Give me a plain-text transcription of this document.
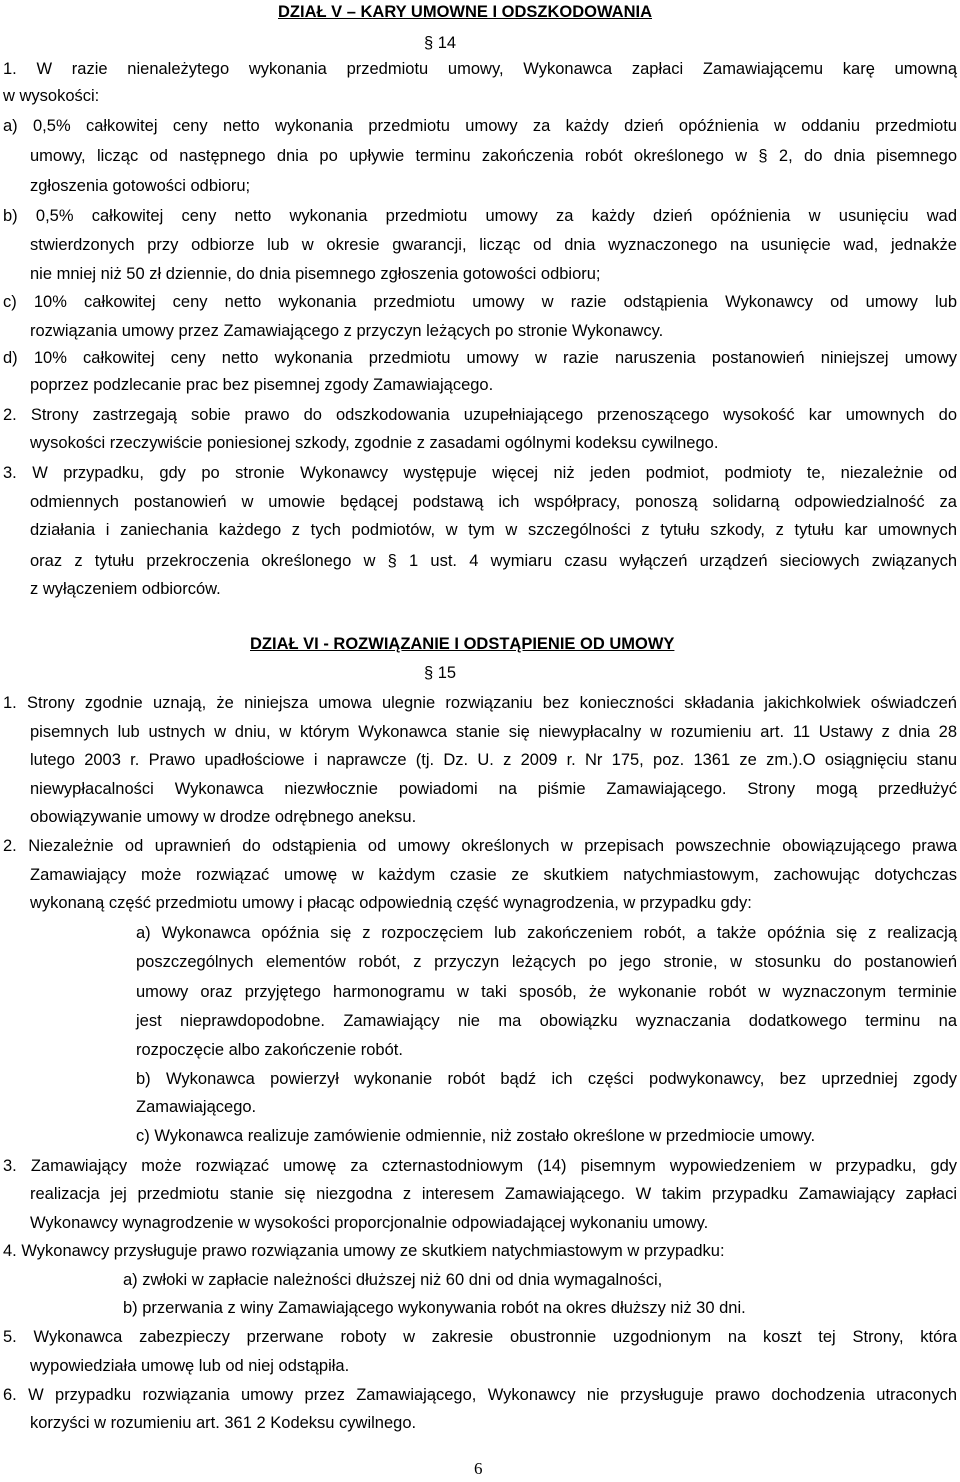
DZIAŁ V – KARY UMOWNE I ODSZKODOWANIA
§ 14
1. W razie nienależytego wykonania przedmiotu umowy, Wykonawca zapłaci Zamawiającemu karę umowną
w wysokości:
a) 0,5% całkowitej ceny netto wykonania przedmiotu umowy za każdy dzień opóźnienia w oddaniu przedmiotu
umowy, licząc od następnego dnia po upływie terminu zakończenia robót określonego w § 2, do dnia pisemnego
zgłoszenia gotowości odbioru;
b) 0,5% całkowitej ceny netto wykonania przedmiotu umowy za każdy dzień opóźnienia w usunięciu wad
stwierdzonych przy odbiorze lub w okresie gwarancji, licząc od dnia wyznaczonego na usunięcie wad, jednakże
nie mniej niż 50 zł dziennie, do dnia pisemnego zgłoszenia gotowości odbioru;
c) 10% całkowitej ceny netto wykonania przedmiotu umowy w razie odstąpienia Wykonawcy od umowy lub
rozwiązania umowy przez Zamawiającego z przyczyn leżących po stronie Wykonawcy.
d) 10% całkowitej ceny netto wykonania przedmiotu umowy w razie naruszenia postanowień niniejszej umowy
poprzez podzlecanie prac bez pisemnej zgody Zamawiającego.
2. Strony zastrzegają sobie prawo do odszkodowania uzupełniającego przenoszącego wysokość kar umownych do
wysokości rzeczywiście poniesionej szkody, zgodnie z zasadami ogólnymi kodeksu cywilnego.
3. W przypadku, gdy po stronie Wykonawcy występuje więcej niż jeden podmiot, podmioty te, niezależnie od
odmiennych postanowień w umowie będącej podstawą ich współpracy, ponoszą solidarną odpowiedzialność za
działania i zaniechania każdego z tych podmiotów, w tym w szczególności z tytułu szkody, z tytułu kar umownych
oraz z tytułu przekroczenia określonego w § 1 ust. 4 wymiaru czasu wyłączeń urządzeń sieciowych związanych
z wyłączeniem odbiorców.
DZIAŁ VI - ROZWIĄZANIE I ODSTĄPIENIE OD UMOWY
§ 15
1. Strony zgodnie uznają, że niniejsza umowa ulegnie rozwiązaniu bez konieczności składania jakichkolwiek oświadczeń
pisemnych lub ustnych w dniu, w którym Wykonawca stanie się niewypłacalny w rozumieniu art. 11 Ustawy z dnia 28
lutego 2003 r. Prawo upadłościowe i naprawcze (tj. Dz. U. z 2009 r. Nr 175, poz. 1361 ze zm.).O osiągnięciu stanu
niewypłacalności Wykonawca niezwłocznie powiadomi na piśmie Zamawiającego. Strony mogą przedłużyć
obowiązywanie umowy w drodze odrębnego aneksu.
2. Niezależnie od uprawnień do odstąpienia od umowy określonych w przepisach powszechnie obowiązującego prawa
Zamawiający może rozwiązać umowę w każdym czasie ze skutkiem natychmiastowym, zachowując dotychczas
wykonaną część przedmiotu umowy i płacąc odpowiednią część wynagrodzenia, w przypadku gdy:
a) Wykonawca opóźnia się z rozpoczęciem lub zakończeniem robót, a także opóźnia się z realizacją
poszczególnych elementów robót, z przyczyn leżących po jego stronie, w stosunku do postanowień
umowy oraz przyjętego harmonogramu w taki sposób, że wykonanie robót w wyznaczonym terminie
jest nieprawdopodobne. Zamawiający nie ma obowiązku wyznaczania dodatkowego terminu na
rozpoczęcie albo zakończenie robót.
b) Wykonawca powierzył wykonanie robót bądź ich części podwykonawcy, bez uprzedniej zgody
Zamawiającego.
c) Wykonawca realizuje zamówienie odmiennie, niż zostało określone w przedmiocie umowy.
3. Zamawiający może rozwiązać umowę za czternastodniowym (14) pisemnym wypowiedzeniem w przypadku, gdy
realizacja jej przedmiotu stanie się niezgodna z interesem Zamawiającego. W takim przypadku Zamawiający zapłaci
Wykonawcy wynagrodzenie w wysokości proporcjonalnie odpowiadającej wykonaniu umowy.
4. Wykonawcy przysługuje prawo rozwiązania umowy ze skutkiem natychmiastowym w przypadku:
a) zwłoki w zapłacie należności dłuższej niż 60 dni od dnia wymagalności,
b) przerwania z winy Zamawiającego wykonywania robót na okres dłuższy niż 30 dni.
5. Wykonawca zabezpieczy przerwane roboty w zakresie obustronnie uzgodnionym na koszt tej Strony, która
wypowiedziała umowę lub od niej odstąpiła.
6. W przypadku rozwiązania umowy przez Zamawiającego, Wykonawcy nie przysługuje prawo dochodzenia utraconych
korzyści w rozumieniu art. 361 2 Kodeksu cywilnego.
6
